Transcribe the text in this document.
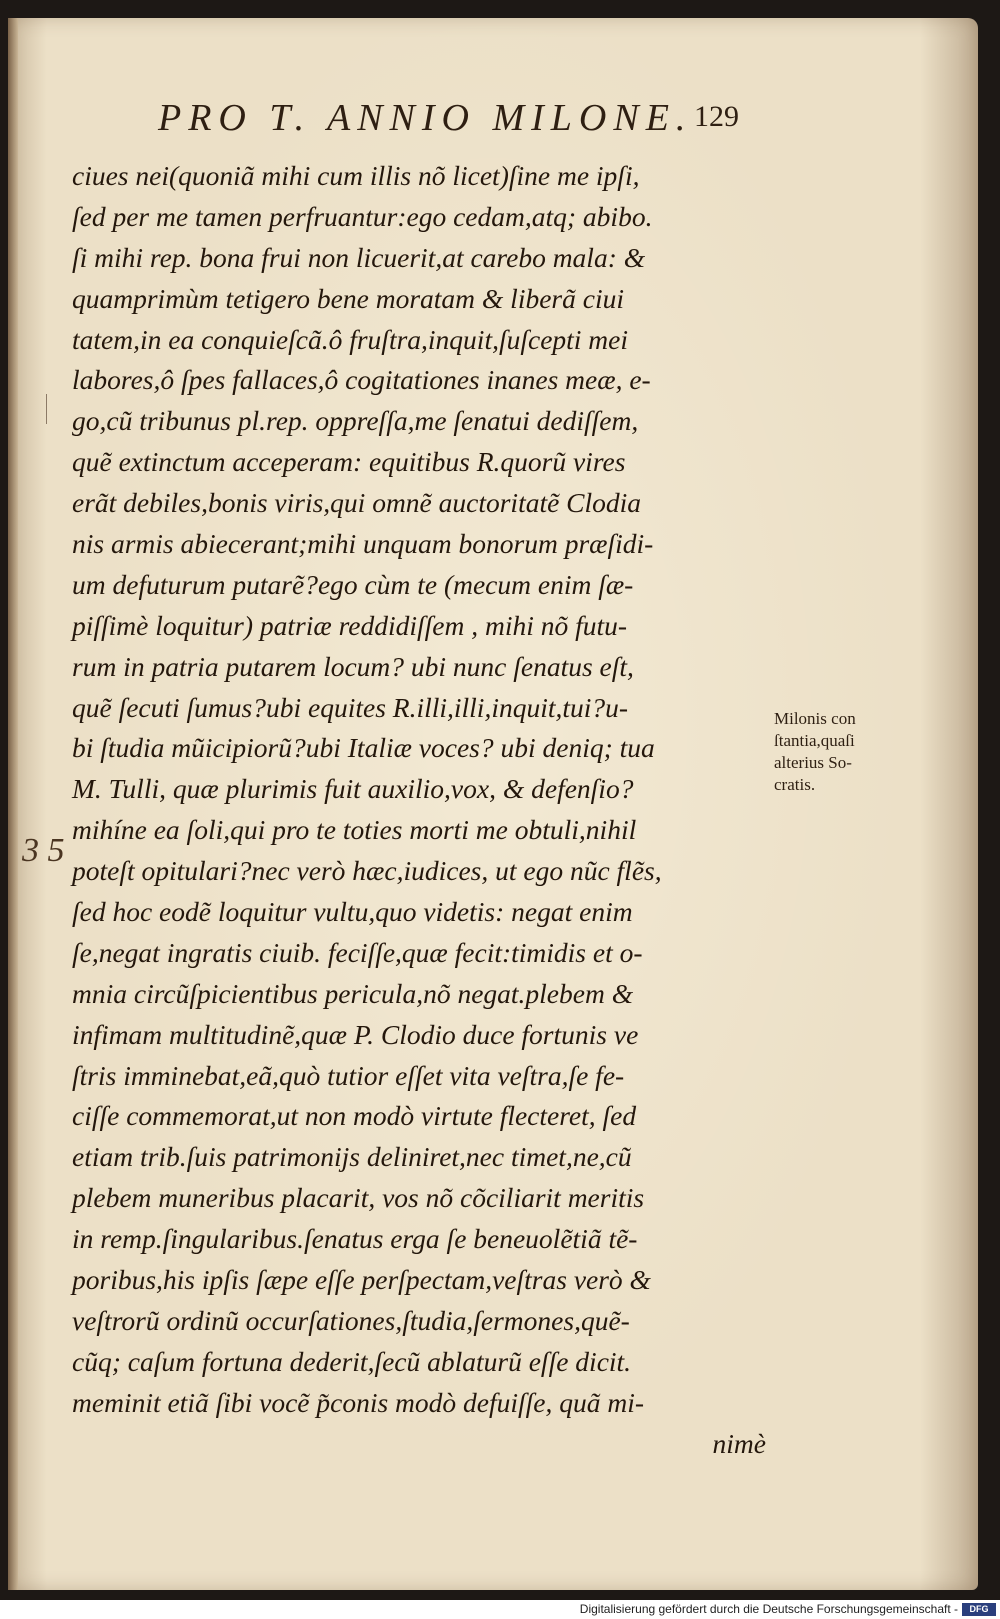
PRO T. ANNIO MILONE. 129
3 5
ciues nei(quoniã mihi cum illis nõ licet)ſine me ipſi,
ſed per me tamen perfruantur:ego cedam,atq; abibo.
ſi mihi rep. bona frui non licuerit,at carebo mala: &
quamprimùm tetigero bene moratam & liberã ciui
tatem,in ea conquieſcã.ô fruſtra,inquit,ſuſcepti mei
labores,ô ſpes fallaces,ô cogitationes inanes meæ, e-
go,cũ tribunus pl.rep. oppreſſa,me ſenatui dediſſem,
quẽ extinctum acceperam: equitibus R.quorũ vires
erãt debiles,bonis viris,qui omnẽ auctoritatẽ Clodia
nis armis abiecerant;mihi unquam bonorum præſidi-
um defuturum putarẽ?ego cùm te (mecum enim ſæ-
piſſimè loquitur) patriæ reddidiſſem , mihi nõ futu-
rum in patria putarem locum? ubi nunc ſenatus eſt,
quẽ ſecuti ſumus?ubi equites R.illi,illi,inquit,tui?u-
bi ſtudia mũicipiorũ?ubi Italiæ voces? ubi deniq; tua
M. Tulli, quæ plurimis fuit auxilio,vox, & defenſio?
mihíne ea ſoli,qui pro te toties morti me obtuli,nihil
poteſt opitulari?nec verò hæc,iudices, ut ego nũc flẽs,
ſed hoc eodẽ loquitur vultu,quo videtis: negat enim
ſe,negat ingratis ciuib. feciſſe,quæ fecit:timidis et o-
mnia circũſpicientibus pericula,nõ negat.plebem &
infimam multitudinẽ,quæ P. Clodio duce fortunis ve
ſtris imminebat,eã,quò tutior eſſet vita veſtra,ſe fe-
ciſſe commemorat,ut non modò virtute flecteret, ſed
etiam trib.ſuis patrimonijs deliniret,nec timet,ne,cũ
plebem muneribus placarit, vos nõ cõciliarit meritis
in remp.ſingularibus.ſenatus erga ſe beneuolẽtiã tẽ-
poribus,his ipſis ſæpe eſſe perſpectam,veſtras verò &
veſtrorũ ordinũ occurſationes,ſtudia,ſermones,quẽ-
cũq; caſum fortuna dederit,ſecũ ablaturũ eſſe dicit.
meminit etiã ſibi vocẽ p̃conis modò defuiſſe, quã mi-
nimè
Milonis con
ſtantia,quaſi
alterius So-
cratis.
Digitalisierung gefördert durch die Deutsche Forschungsgemeinschaft -	DFG
